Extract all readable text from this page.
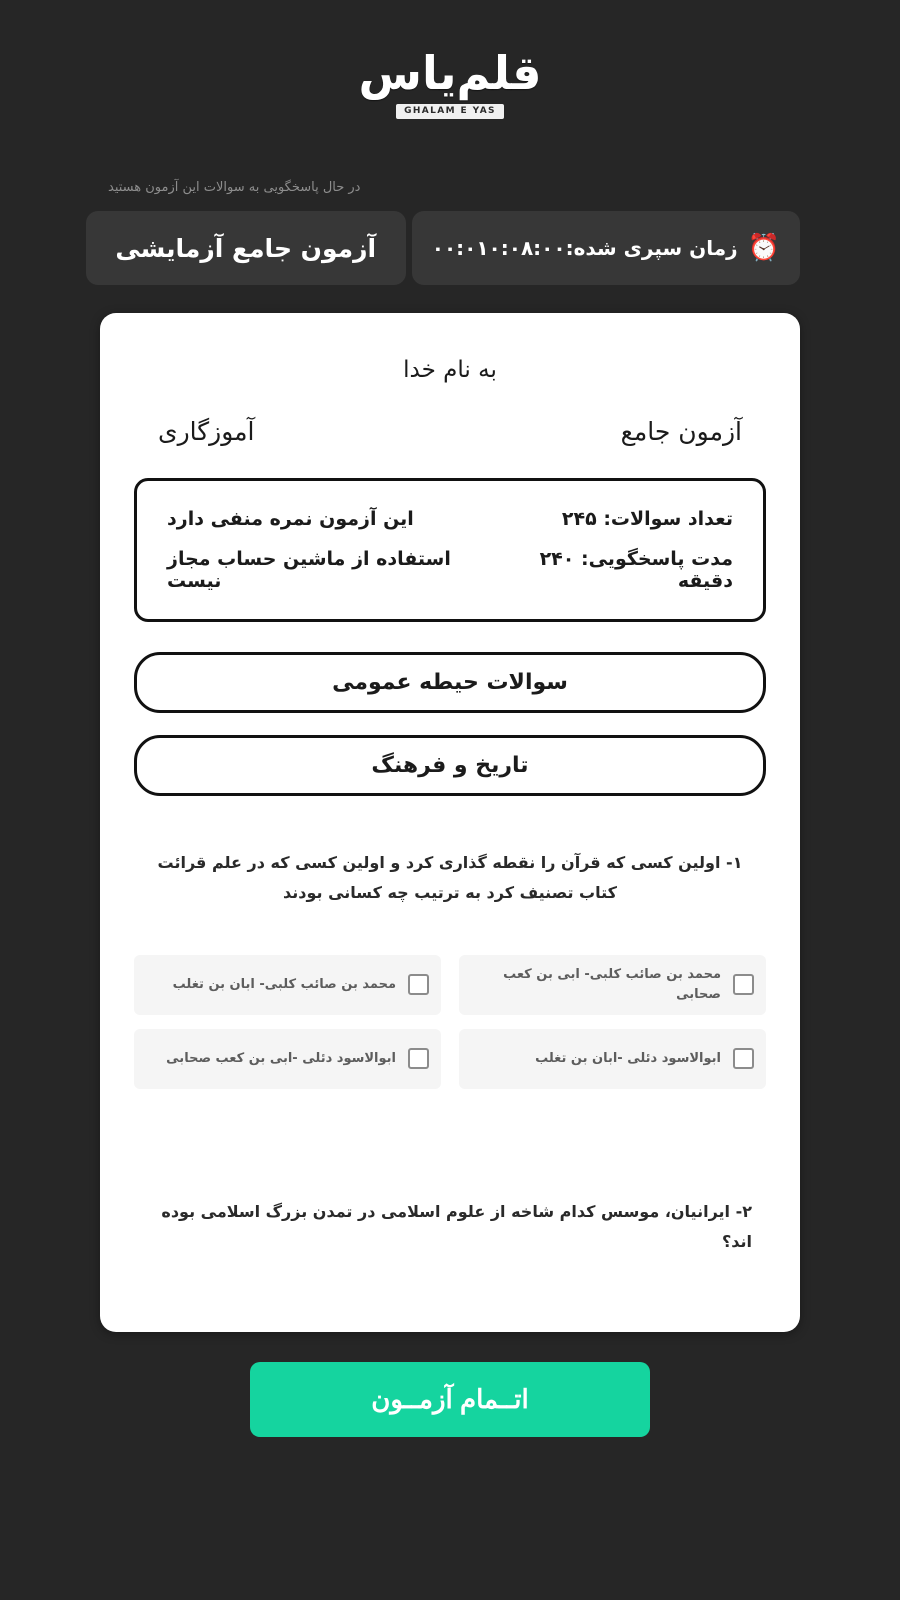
قلم‌یاس
GHALAM E YAS
در حال پاسخگویی به سوالات این آزمون هستید
⏰
زمان سپری شده:۰۰:۰۱۰:۰۸:۰۰
آزمون جامع آزمایشی
به نام خدا
آزمون جامع
آموزگاری
تعداد سوالات: ۲۴۵
این آزمون نمره منفی دارد
مدت پاسخگویی: ۲۴۰ دقیقه
استفاده از ماشین حساب مجاز نیست
سوالات حیطه عمومی
تاریخ و فرهنگ
۱- اولین کسی که قرآن را نقطه گذاری کرد و اولین کسی که در علم قرائت کتاب تصنیف کرد به ترتیب چه کسانی بودند
محمد بن صائب کلبی- ابی بن کعب صحابی
محمد بن صائب کلبی- ابان بن تغلب
ابوالاسود دئلی -ابان بن تغلب
ابوالاسود دئلی -ابی بن کعب صحابی
۲- ایرانیان، موسس کدام شاخه از علوم اسلامی در تمدن بزرگ اسلامی بوده اند؟
اتــمام آزمــون
